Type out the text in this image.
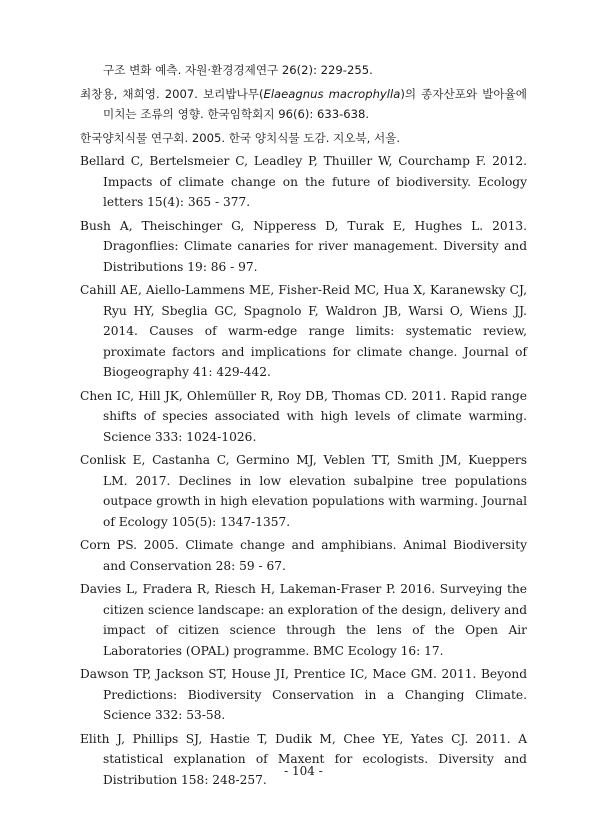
구조 변화 예측. 자원·환경경제연구 26(2): 229-255.

최창용, 채희영. 2007. 보리밥나무(Elaeagnus macrophylla)의 종자산포와 발아율에 미치는 조류의 영향. 한국임학회지 96(6): 633-638.

한국양치식물 연구회. 2005. 한국 양치식물 도감. 지오북, 서울.

Bellard C, Bertelsmeier C, Leadley P, Thuiller W, Courchamp F. 2012. Impacts of climate change on the future of biodiversity. Ecology letters 15(4): 365 - 377.

Bush A, Theischinger G, Nipperess D, Turak E, Hughes L. 2013. Dragonflies: Climate canaries for river management. Diversity and Distributions 19: 86 - 97.

Cahill AE, Aiello-Lammens ME, Fisher-Reid MC, Hua X, Karanewsky CJ, Ryu HY, Sbeglia GC, Spagnolo F, Waldron JB, Warsi O, Wiens JJ. 2014. Causes of warm-edge range limits: systematic review, proximate factors and implications for climate change. Journal of Biogeography 41: 429-442.

Chen IC, Hill JK, Ohlemüller R, Roy DB, Thomas CD. 2011. Rapid range shifts of species associated with high levels of climate warming. Science 333: 1024-1026.

Conlisk E, Castanha C, Germino MJ, Veblen TT, Smith JM, Kueppers LM. 2017. Declines in low elevation subalpine tree populations outpace growth in high elevation populations with warming. Journal of Ecology 105(5): 1347-1357.

Corn PS. 2005. Climate change and amphibians. Animal Biodiversity and Conservation 28: 59 - 67.

Davies L, Fradera R, Riesch H, Lakeman-Fraser P. 2016. Surveying the citizen science landscape: an exploration of the design, delivery and impact of citizen science through the lens of the Open Air Laboratories (OPAL) programme. BMC Ecology 16: 17.

Dawson TP, Jackson ST, House JI, Prentice IC, Mace GM. 2011. Beyond Predictions: Biodiversity Conservation in a Changing Climate. Science 332: 53-58.

Elith J, Phillips SJ, Hastie T, Dudik M, Chee YE, Yates CJ. 2011. A statistical explanation of Maxent for ecologists. Diversity and Distribution 158: 248-257.

- 104 -
